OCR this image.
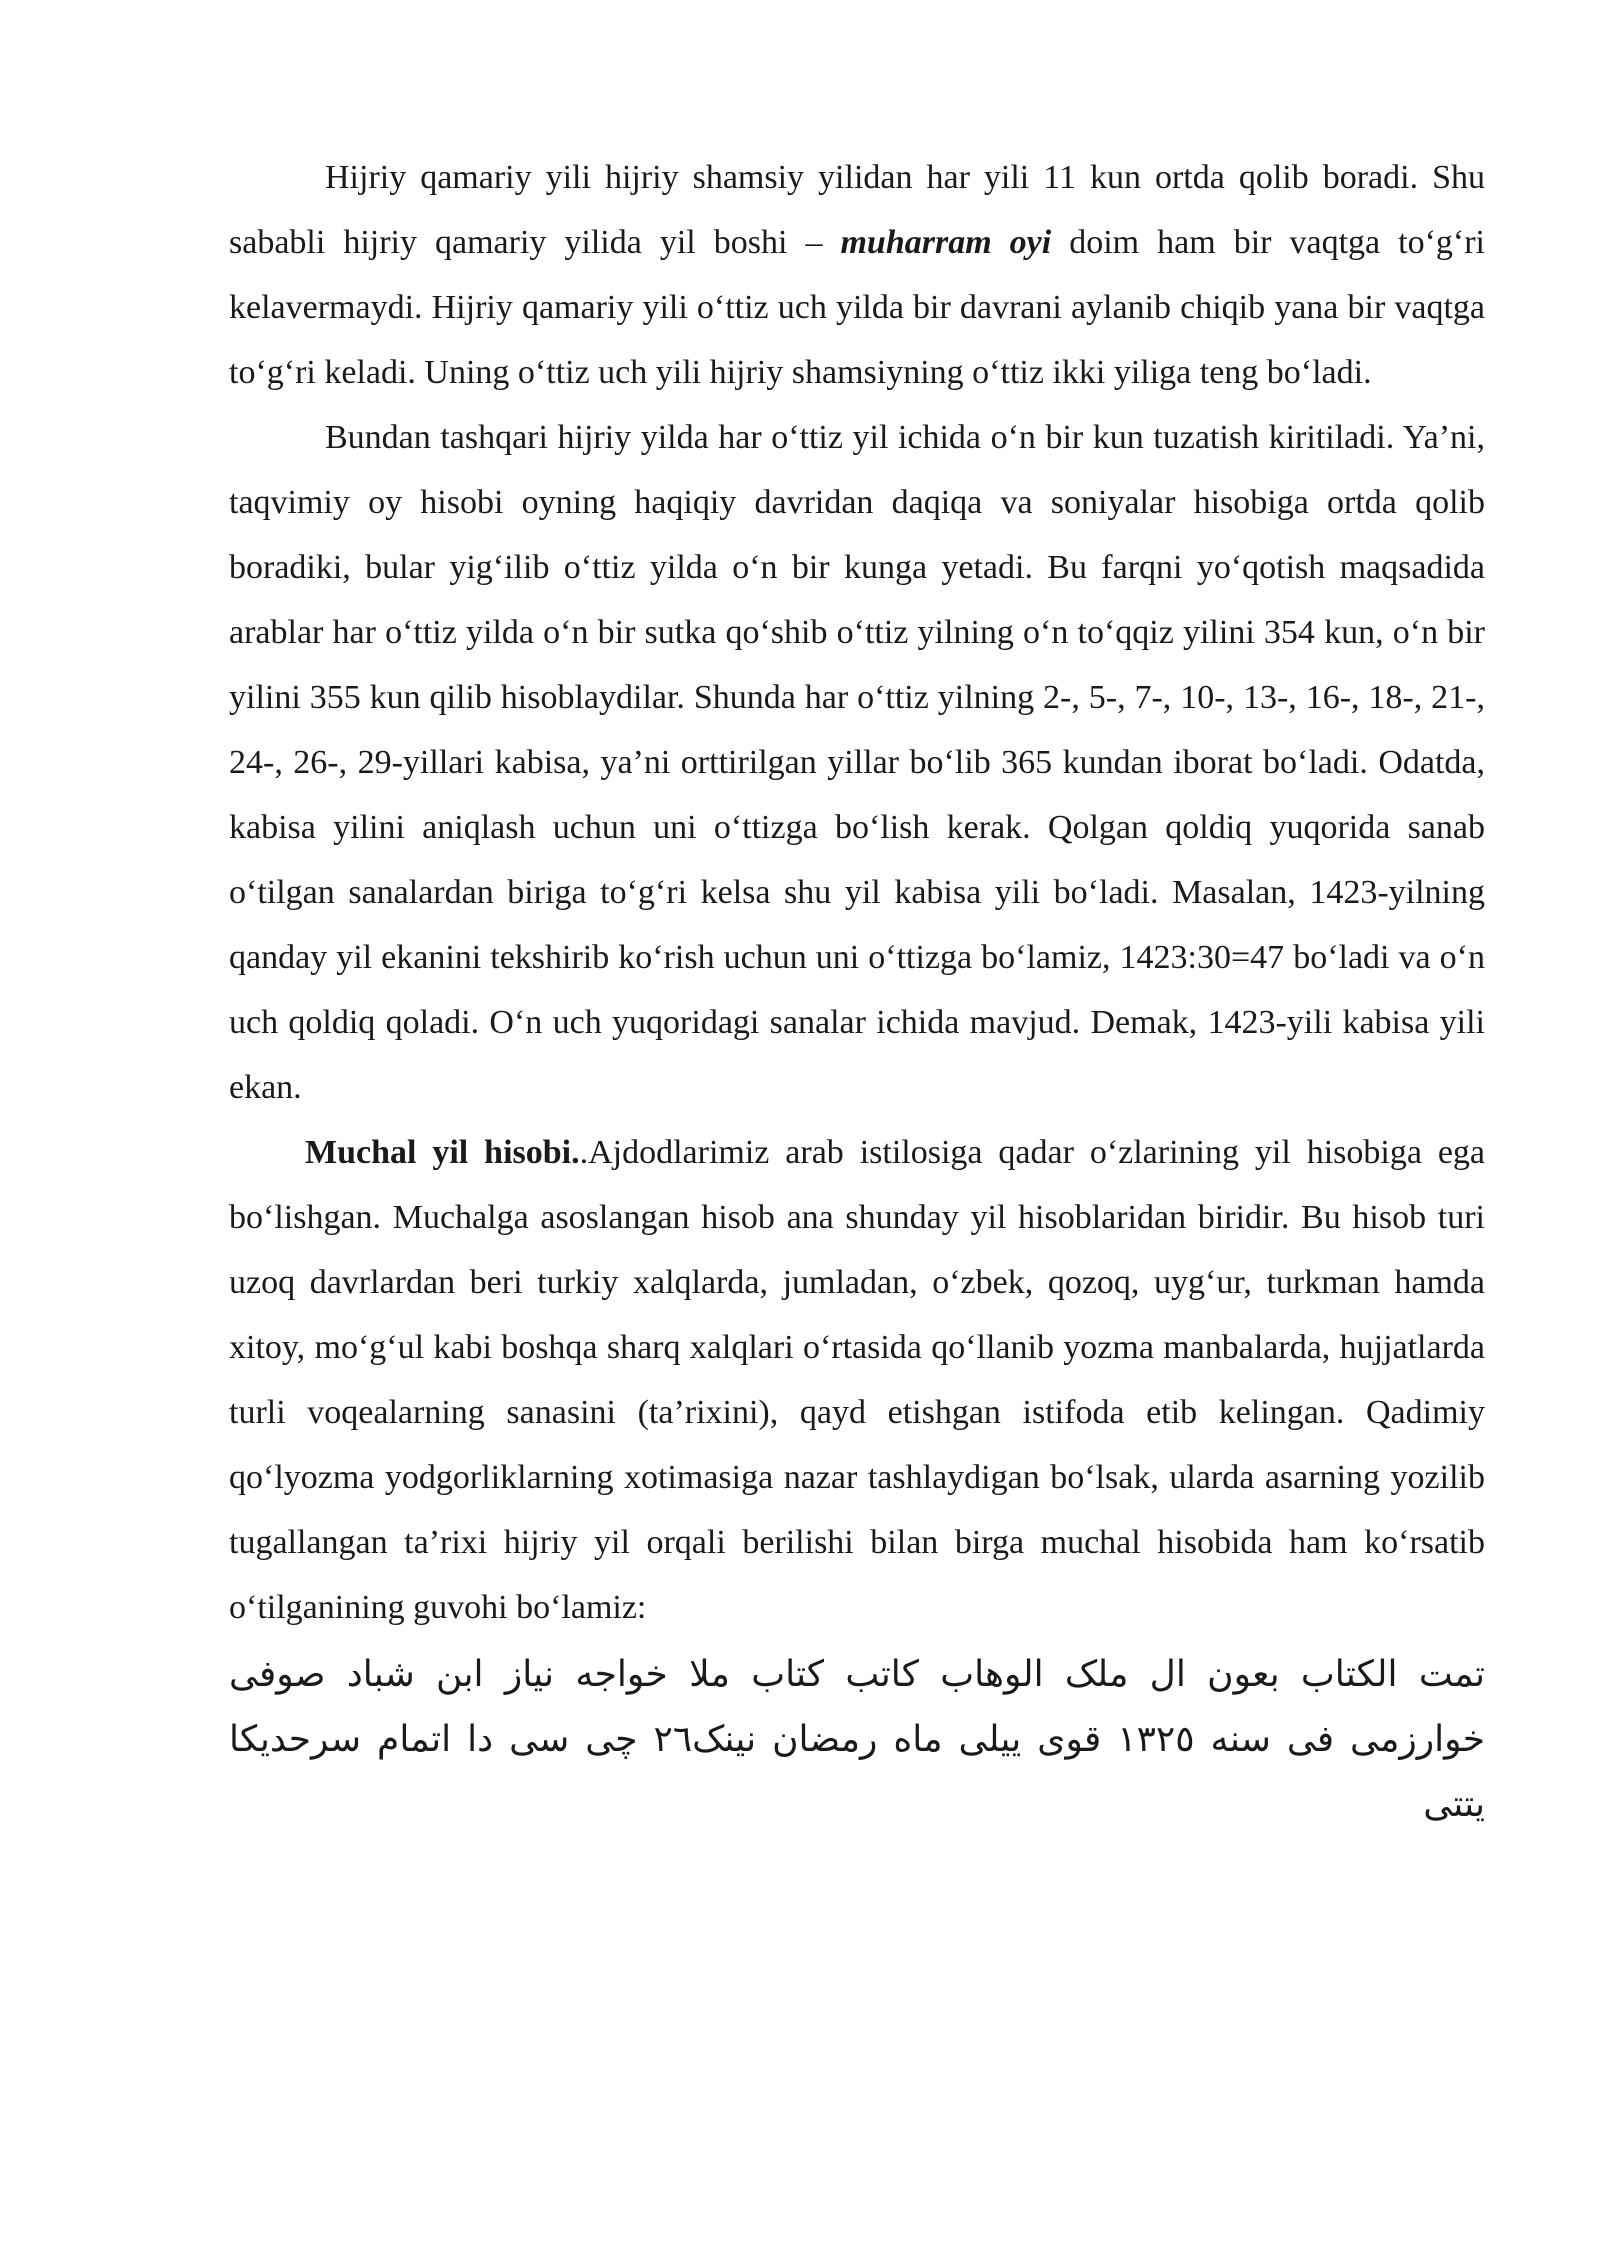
Hijriy qamariy yili hijriy shamsiy yilidan har yili 11 kun ortda qolib boradi. Shu sababli hijriy qamariy yilida yil boshi – muharram oyi doim ham bir vaqtga to‘g‘ri kelavermaydi. Hijriy qamariy yili o‘ttiz uch yilda bir davrani aylanib chiqib yana bir vaqtga to‘g‘ri keladi. Uning o‘ttiz uch yili hijriy shamsiyning o‘ttiz ikki yiliga teng bo‘ladi.

Bundan tashqari hijriy yilda har o‘ttiz yil ichida o‘n bir kun tuzatish kiritiladi. Ya’ni, taqvimiy oy hisobi oyning haqiqiy davridan daqiqa va soniyalar hisobiga ortda qolib boradiki, bular yig‘ilib o‘ttiz yilda o‘n bir kunga yetadi. Bu farqni yo‘qotish maqsadida arablar har o‘ttiz yilda o‘n bir sutka qo‘shib o‘ttiz yilning o‘n to‘qqiz yilini 354 kun, o‘n bir yilini 355 kun qilib hisoblaydilar. Shunda har o‘ttiz yilning 2-, 5-, 7-, 10-, 13-, 16-, 18-, 21-, 24-, 26-, 29-yillari kabisa, ya’ni orttirilgan yillar bo‘lib 365 kundan iborat bo‘ladi. Odatda, kabisa yilini aniqlash uchun uni o‘ttizga bo‘lish kerak. Qolgan qoldiq yuqorida sanab o‘tilgan sanalardan biriga to‘g‘ri kelsa shu yil kabisa yili bo‘ladi. Masalan, 1423-yilning qanday yil ekanini tekshirib ko‘rish uchun uni o‘ttizga bo‘lamiz, 1423:30=47 bo‘ladi va o‘n uch qoldiq qoladi. O‘n uch yuqoridagi sanalar ichida mavjud. Demak, 1423-yili kabisa yili ekan.

Muchal yil hisobi..Ajdodlarimiz arab istilosiga qadar o‘zlarining yil hisobiga ega bo‘lishgan. Muchalga asoslangan hisob ana shunday yil hisoblaridan biridir. Bu hisob turi uzoq davrlardan beri turkiy xalqlarda, jumladan, o‘zbek, qozoq, uyg‘ur, turkman hamda xitoy, mo‘g‘ul kabi boshqa sharq xalqlari o‘rtasida qo‘llanib yozma manbalarda, hujjatlarda turli voqealarning sanasini (ta’rixini), qayd etishgan istifoda etib kelingan. Qadimiy qo‘lyozma yodgorliklarning xotimasiga nazar tashlaydigan bo‘lsak, ularda asarning yozilib tugallangan ta’rixi hijriy yil orqali berilishi bilan birga muchal hisobida ham ko‘rsatib o‘tilganining guvohi bo‘lamiz:

تمت الكتاب بعون ال ملک الوهاب کاتب کتاب ملا خواجه نیاز ابن شباد صوفی خوارزمی فی سنه ١٣٢٥ قوی ییلی ماه رمضان نینک٢٦ چی سی دا اتمام سرحدیکا یتتی
